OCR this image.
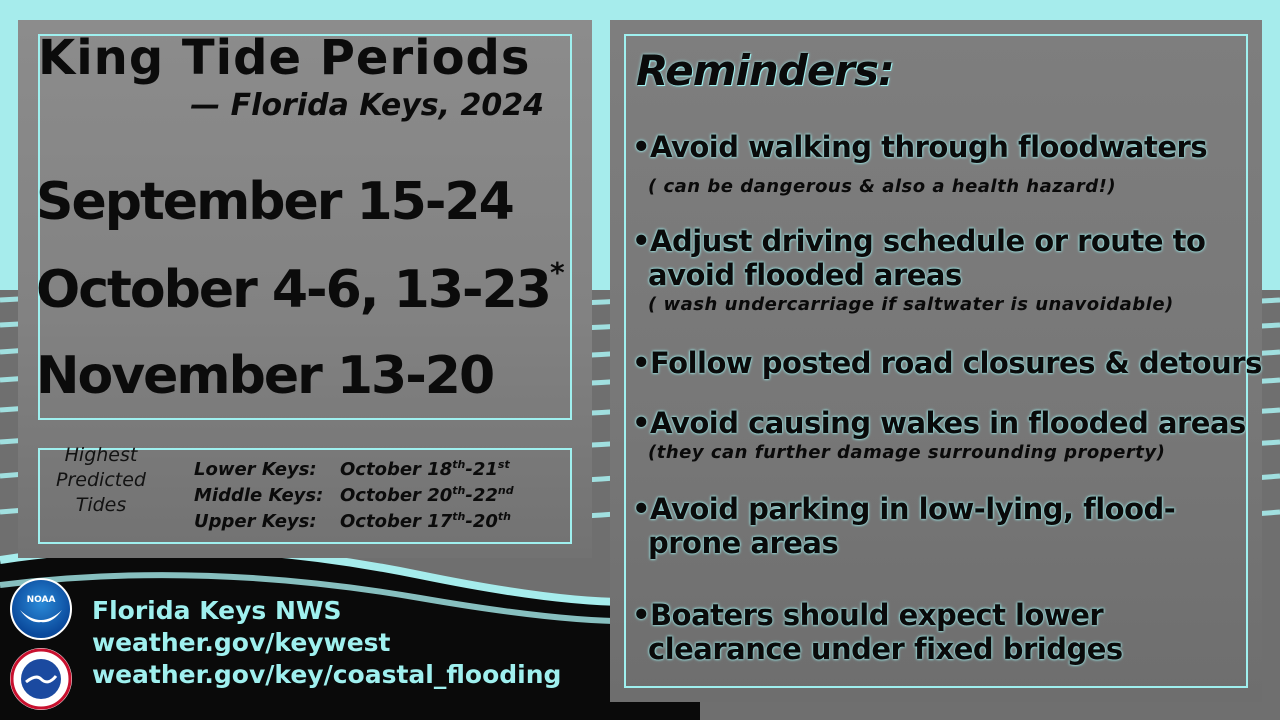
King Tide Periods
— Florida Keys, 2024
September 15-24
October 4-6, 13-23*
November 13-20
Highest
Predicted
Tides
Lower Keys: October 18th-21st
Middle Keys: October 20th-22nd
Upper Keys: October 17th-20th
NOAA Florida Keys NWS
weather.gov/keywest
weather.gov/key/coastal_flooding
Reminders:
•Avoid walking through floodwaters
( can be dangerous & also a health hazard!)
•Adjust driving schedule or route to
avoid flooded areas
( wash undercarriage if saltwater is unavoidable)
•Follow posted road closures & detours
•Avoid causing wakes in flooded areas
(they can further damage surrounding property)
•Avoid parking in low-lying, flood-
prone areas
•Boaters should expect lower
clearance under fixed bridges
